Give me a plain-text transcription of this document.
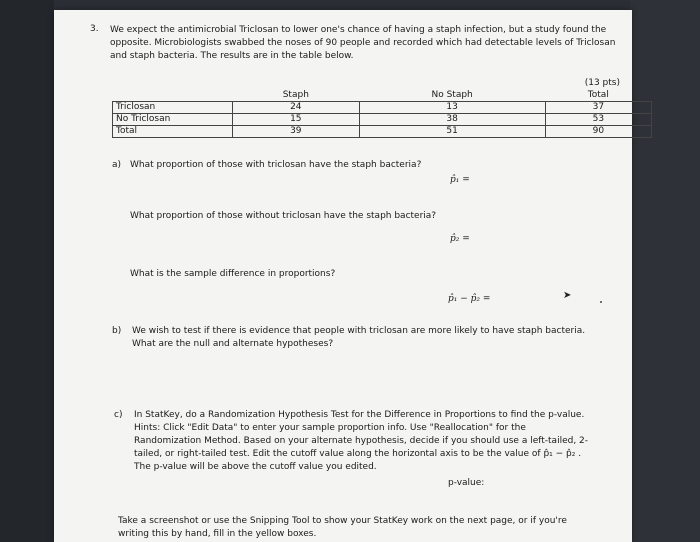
3. We expect the antimicrobial Triclosan to lower one's chance of having a staph infection, but a study found the opposite. Microbiologists swabbed the noses of 90 people and recorded which had detectable levels of Triclosan and staph bacteria. The results are in the table below.
(13 pts)
	Staph	No Staph	Total
Triclosan	24	13	37
No Triclosan	15	38	53
Total	39	51	90
a) What proportion of those with triclosan have the staph bacteria?
p̂₁ =
What proportion of those without triclosan have the staph bacteria?
p̂₂ =
What is the sample difference in proportions?
p̂₁ − p̂₂ =	➤
b) We wish to test if there is evidence that people with triclosan are more likely to have staph bacteria.
What are the null and alternate hypotheses?
c) In StatKey, do a Randomization Hypothesis Test for the Difference in Proportions to find the p-value.
Hints: Click "Edit Data" to enter your sample proportion info. Use "Reallocation" for the
Randomization Method. Based on your alternate hypothesis, decide if you should use a left-tailed, 2-
tailed, or right-tailed test. Edit the cutoff value along the horizontal axis to be the value of p̂₁ − p̂₂ .
The p-value will be above the cutoff value you edited.
p-value:
Take a screenshot or use the Snipping Tool to show your StatKey work on the next page, or if you're
writing this by hand, fill in the yellow boxes.
